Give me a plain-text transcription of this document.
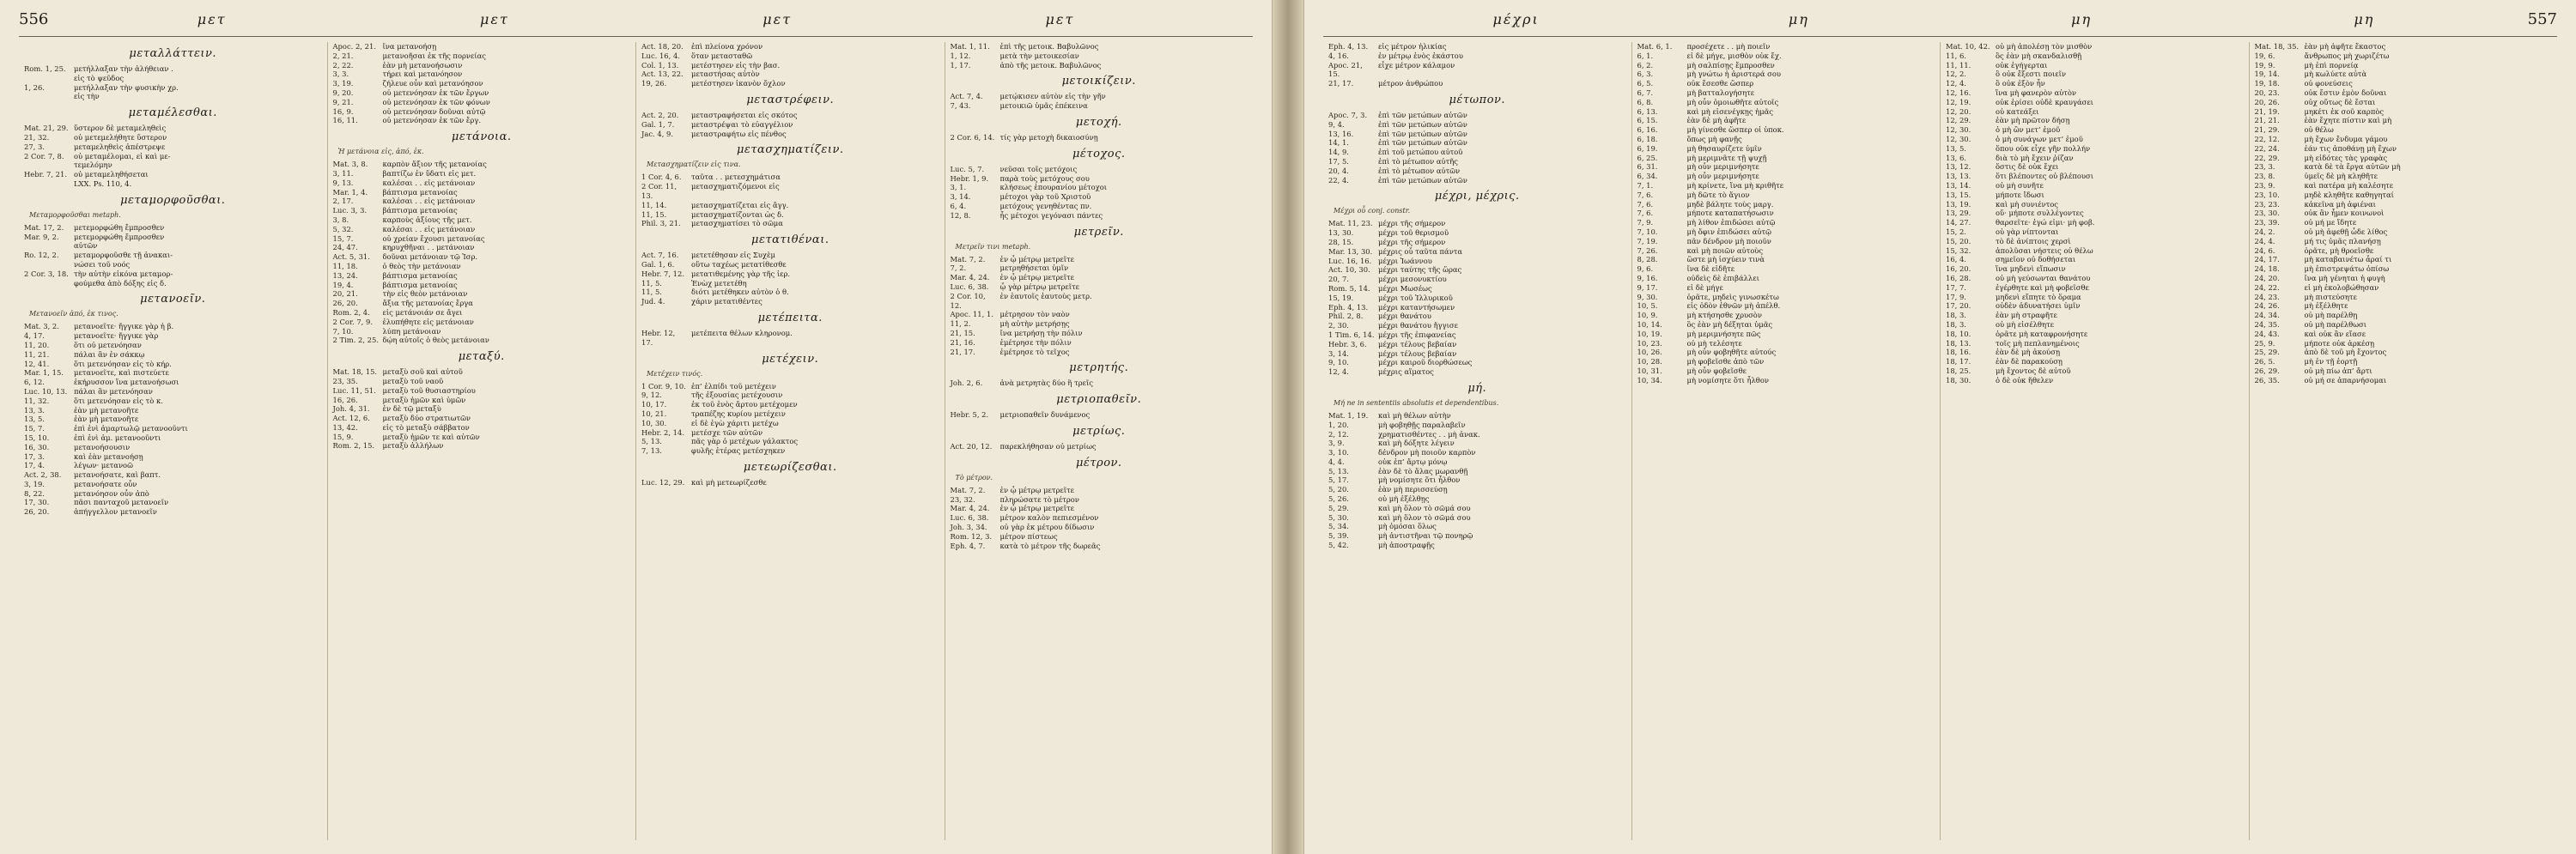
556	μετ	μετ	μετ	μετ
μεταλλάττειν.
Rom. 1, 25.	μετήλλαξαν τὴν ἀλήθειαν .
εἰς τὸ ψεῦδος
1, 26.	μετήλλαξαν τὴν φυσικὴν χρ.
εἰς τὴν
μεταμέλεσθαι.
Mat. 21, 29. ὕστερον δὲ μεταμεληθεὶς
21, 32.	οὐ μετεμελήθητε ὕστερον
27, 3.	μεταμεληθεὶς ἀπέστρεψε
2 Cor. 7, 8.	οὐ μεταμέλομαι, εἰ καὶ με-
τεμελόμην
Hebr. 7, 21. οὐ μεταμεληθήσεται
LXX. Ps. 110, 4.
μεταμορφοῦσθαι.
Μεταμορφοῦσθαι metaph.
Mat. 17, 2.	μετεμορφώθη ἔμπροσθεν
Mar. 9, 2.	μετεμορφώθη ἔμπροσθεν
αὐτῶν
Ro. 12, 2.	μεταμορφοῦσθε τῇ ἀνακαι-
νώσει τοῦ νοός
2 Cor. 3, 18. τὴν αὐτὴν εἰκόνα μεταμορ-
φούμεθα ἀπὸ δόξης εἰς δ.
μετανοεῖν.
Μετανοεῖν ἀπό, ἐκ τινος.
Mat. 3, 2.	μετανοεῖτε· ἤγγικε γὰρ ἡ β.
4, 17.	μετανοεῖτε· ἤγγικε γὰρ
11, 20.	ὅτι οὐ μετενόησαν
11, 21.	πάλαι ἂν ἐν σάκκῳ
12, 41.	ὅτι μετενόησαν εἰς τὸ κήρ.
Mar. 1, 15.	μετανοεῖτε, καὶ πιστεύετε
6, 12.	ἐκήρυσσον ἵνα μετανοήσωσι
Luc. 10, 13. πάλαι ἂν μετενόησαν
11, 32.	ὅτι μετενόησαν εἰς τὸ κ.
13, 3.	ἐὰν μὴ μετανοῆτε
13, 5.	ἐὰν μὴ μετανοῆτε
15, 7.	ἐπὶ ἑνὶ ἁμαρτωλῷ μετανοοῦντι
15, 10.	ἐπὶ ἑνὶ ἁμ. μετανοοῦντι
16, 30.	μετανοήσουσιν
17, 3.	καὶ ἐὰν μετανοήσῃ
17, 4.	λέγων· μετανοῶ
Act. 2, 38.	μετανοήσατε, καὶ βαπτ.
3, 19.	μετανοήσατε οὖν
8, 22.	μετανόησον οὖν ἀπὸ
17, 30.	πᾶσι πανταχοῦ μετανοεῖν
26, 20.	ἀπήγγελλον μετανοεῖν
Apoc. 2, 21. ἵνα μετανοήσῃ
2, 21.	μετανοῆσαι ἐκ τῆς πορνείας
2, 22.	ἐὰν μὴ μετανοήσωσιν
3, 3.	τήρει καὶ μετανόησον
3, 19.	ζήλευε οὖν καὶ μετανόησον
9, 20.	οὐ μετενόησαν ἐκ τῶν ἔργων
9, 21.	οὐ μετενόησαν ἐκ τῶν φόνων
16, 9.	οὐ μετενόησαν δοῦναι αὐτῷ
16, 11.	οὐ μετενόησαν ἐκ τῶν ἔργ.
μετάνοια.
Ἡ μετάνοια εἰς, ἀπό, ἐκ.
Mat. 3, 8.	καρπὸν ἄξιον τῆς μετανοίας
3, 11.	βαπτίζω ἐν ὕδατι εἰς μετ.
9, 13.	καλέσαι . . εἰς μετάνοιαν
Mar. 1, 4.	βάπτισμα μετανοίας
2, 17.	καλέσαι . . εἰς μετάνοιαν
Luc. 3, 3.	βάπτισμα μετανοίας
3, 8.	καρποὺς ἀξίους τῆς μετ.
5, 32.	καλέσαι . . εἰς μετάνοιαν
15, 7.	οὐ χρείαν ἔχουσι μετανοίας
24, 47.	κηρυχθῆναι . . μετάνοιαν
Act. 5, 31.	δοῦναι μετάνοιαν τῷ Ἰσρ.
11, 18.	ὁ θεὸς τὴν μετάνοιαν
13, 24.	βάπτισμα μετανοίας
19, 4.	βάπτισμα μετανοίας
20, 21.	τὴν εἰς θεὸν μετάνοιαν
26, 20.	ἄξια τῆς μετανοίας ἔργα
Rom. 2, 4.	εἰς μετάνοιάν σε ἄγει
2 Cor. 7, 9.	ἐλυπήθητε εἰς μετάνοιαν
7, 10.	λύπη μετάνοιαν
2 Tim. 2, 25. δῴη αὐτοῖς ὁ θεὸς μετάνοιαν
μεταξύ.
Mat. 18, 15. μεταξὺ σοῦ καὶ αὐτοῦ
23, 35.	μεταξὺ τοῦ ναοῦ
Luc. 11, 51. μεταξὺ τοῦ θυσιαστηρίου
16, 26.	μεταξὺ ἡμῶν καὶ ὑμῶν
Joh. 4, 31.	ἐν δὲ τῷ μεταξὺ
Act. 12, 6.	μεταξὺ δύο στρατιωτῶν
13, 42.	εἰς τὸ μεταξὺ σάββατον
15, 9.	μεταξὺ ἡμῶν τε καὶ αὐτῶν
Rom. 2, 15.	μεταξὺ ἀλλήλων
Act. 18, 20.	ἐπὶ πλείονα χρόνον
Luc. 16, 4.	ὅταν μετασταθῶ
Col. 1, 13.	μετέστησεν εἰς τὴν βασ.
Act. 13, 22.	μεταστήσας αὐτὸν
19, 26.	μετέστησεν ἱκανὸν ὄχλον
μεταστρέφειν.
Act. 2, 20.	μεταστραφήσεται εἰς σκότος
Gal. 1, 7.	μεταστρέψαι τὸ εὐαγγέλιον
Jac. 4, 9.	μεταστραφήτω εἰς πένθος
μετασχηματίζειν.
Μετασχηματίζειν εἰς τινα.
1 Cor. 4, 6.	ταῦτα . . μετεσχημάτισα
2 Cor. 11, 13.
μετασχηματιζόμενοι εἰς
11, 14.	μετασχηματίζεται εἰς ἄγγ.
11, 15.	μετασχηματίζονται ὡς δ.
Phil. 3, 21.	μετασχηματίσει τὸ σῶμα
μετατιθέναι.
Act. 7, 16.	μετετέθησαν εἰς Συχὲμ
Gal. 1, 6.	οὕτω ταχέως μετατίθεσθε
Hebr. 7, 12. μετατιθεμένης γὰρ τῆς ἱερ.
11, 5.	Ἐνὼχ μετετέθη
11, 5.	διότι μετέθηκεν αὐτὸν ὁ θ.
Jud. 4.	χάριν μετατιθέντες
μετέπειτα.
Hebr. 12, 17.
μετέπειτα θέλων κληρονομ.
μετέχειν.
Μετέχειν τινός.
1 Cor. 9, 10. ἐπ’ ἐλπίδι τοῦ μετέχειν
9, 12.	τῆς ἐξουσίας μετέχουσιν
10, 17.	ἐκ τοῦ ἑνὸς ἄρτου μετέχομεν
10, 21.	τραπέζης κυρίου μετέχειν
10, 30.	εἰ δὲ ἐγὼ χάριτι μετέχω
Hebr. 2, 14. μετέσχε τῶν αὐτῶν
5, 13.	πᾶς γὰρ ὁ μετέχων γάλακτος
7, 13.	φυλῆς ἑτέρας μετέσχηκεν
μετεωρίζεσθαι.
Luc. 12, 29. καὶ μὴ μετεωρίζεσθε
Mat. 1, 11.	ἐπὶ τῆς μετοικ. Βαβυλῶνος
1, 12.	μετὰ τὴν μετοικεσίαν
1, 17.	ἀπὸ τῆς μετοικ. Βαβυλῶνος
μετοικίζειν.
Act. 7, 4.	μετῴκισεν αὐτὸν εἰς τὴν γῆν
7, 43.	μετοικιῶ ὑμᾶς ἐπέκεινα
μετοχή.
2 Cor. 6, 14. τίς γὰρ μετοχὴ δικαιοσύνῃ
μέτοχος.
Luc. 5, 7.	νεῦσαι τοῖς μετόχοις
Hebr. 1, 9.	παρὰ τοὺς μετόχους σου
3, 1.	κλήσεως ἐπουρανίου μέτοχοι
3, 14.	μέτοχοι γὰρ τοῦ Χριστοῦ
6, 4.	μετόχους γενηθέντας πν.
12, 8.	ἧς μέτοχοι γεγόνασι πάντες
μετρεῖν.
Μετρεῖν τινι metaph.
Mat. 7, 2.	ἐν ᾧ μέτρῳ μετρεῖτε
7, 2.	μετρηθήσεται ὑμῖν
Mar. 4, 24.	ἐν ᾧ μέτρῳ μετρεῖτε
Luc. 6, 38.	ᾧ γὰρ μέτρῳ μετρεῖτε
2 Cor. 10, 12.
ἐν ἑαυτοῖς ἑαυτοὺς μετρ.
Apoc. 11, 1. μέτρησον τὸν ναὸν
11, 2.	μὴ αὐτὴν μετρήσῃς
21, 15.	ἵνα μετρήσῃ τὴν πόλιν
21, 16.	ἐμέτρησε τὴν πόλιν
21, 17.	ἐμέτρησε τὸ τεῖχος
μετρητής.
Joh. 2, 6.	ἀνὰ μετρητὰς δύο ἢ τρεῖς
μετριοπαθεῖν.
Hebr. 5, 2.	μετριοπαθεῖν δυνάμενος
μετρίως.
Act. 20, 12.	παρεκλήθησαν οὐ μετρίως
μέτρον.
Τὸ μέτρον.
Mat. 7, 2.	ἐν ᾧ μέτρῳ μετρεῖτε
23, 32.	πληρώσατε τὸ μέτρον
Mar. 4, 24.	ἐν ᾧ μέτρῳ μετρεῖτε
Luc. 6, 38.	μέτρον καλὸν πεπιεσμένον
Joh. 3, 34.	οὐ γὰρ ἐκ μέτρου δίδωσιν
Rom. 12, 3.	μέτρον πίστεως
Eph. 4, 7.	κατὰ τὸ μέτρον τῆς δωρεᾶς
μέχρι	μη	μη	μη	557
Eph. 4, 13.	εἰς μέτρον ἡλικίας
4, 16.	ἐν μέτρῳ ἑνὸς ἑκάστου
Apoc. 21, 15.
εἶχε μέτρον κάλαμον
21, 17.	μέτρον ἀνθρώπου
μέτωπον.
Apoc. 7, 3.	ἐπὶ τῶν μετώπων αὐτῶν
9, 4.	ἐπὶ τῶν μετώπων αὐτῶν
13, 16.	ἐπὶ τῶν μετώπων αὐτῶν
14, 1.	ἐπὶ τῶν μετώπων αὐτῶν
14, 9.	ἐπὶ τοῦ μετώπου αὐτοῦ
17, 5.	ἐπὶ τὸ μέτωπον αὐτῆς
20, 4.	ἐπὶ τὸ μέτωπον αὐτῶν
22, 4.	ἐπὶ τῶν μετώπων αὐτῶν
μέχρι, μέχρις.
Μέχρι οὗ conj. constr.
Mat. 11, 23. μέχρι τῆς σήμερον
13, 30.	μέχρι τοῦ θερισμοῦ
28, 15.	μέχρι τῆς σήμερον
Mar. 13, 30. μέχρις οὗ ταῦτα πάντα
Luc. 16, 16. μέχρι Ἰωάννου
Act. 10, 30.	μέχρι ταύτης τῆς ὥρας
20, 7.	μέχρι μεσονυκτίου
Rom. 5, 14.	μέχρι Μωσέως
15, 19.	μέχρι τοῦ Ἰλλυρικοῦ
Eph. 4, 13.	μέχρι καταντήσωμεν
Phil. 2, 8.	μέχρι θανάτου
2, 30.	μέχρι θανάτου ἤγγισε
1 Tim. 6, 14. μέχρι τῆς ἐπιφανείας
Hebr. 3, 6.	μέχρι τέλους βεβαίαν
3, 14.	μέχρι τέλους βεβαίαν
9, 10.	μέχρι καιροῦ διορθώσεως
12, 4.	μέχρις αἵματος
μή.
Μή ne in sententiis absolutis et dependentibus.
Mat. 1, 19.	καὶ μὴ θέλων αὐτὴν
1, 20.	μὴ φοβηθῇς παραλαβεῖν
2, 12.	χρηματισθέντες . . μὴ ἀνακ.
3, 9.	καὶ μὴ δόξητε λέγειν
3, 10.	δένδρον μὴ ποιοῦν καρπὸν
4, 4.	οὐκ ἐπ’ ἄρτῳ μόνῳ
5, 13.	ἐὰν δὲ τὸ ἅλας μωρανθῇ
5, 17.	μὴ νομίσητε ὅτι ἦλθον
5, 20.	ἐὰν μὴ περισσεύσῃ
5, 26.	οὐ μὴ ἐξέλθῃς
5, 29.	καὶ μὴ ὅλον τὸ σῶμά σου
5, 30.	καὶ μὴ ὅλον τὸ σῶμά σου
5, 34.	μὴ ὀμόσαι ὅλως
5, 39.	μὴ ἀντιστῆναι τῷ πονηρῷ
5, 42.	μὴ ἀποστραφῇς
Mat. 6, 1.	προσέχετε . . μὴ ποιεῖν
6, 1.	εἰ δὲ μήγε, μισθὸν οὐκ ἔχ.
6, 2.	μὴ σαλπίσῃς ἔμπροσθεν
6, 3.	μὴ γνώτω ἡ ἀριστερά σου
6, 5.	οὐκ ἔσεσθε ὥσπερ
6, 7.	μὴ βατταλογήσητε
6, 8.	μὴ οὖν ὁμοιωθῆτε αὐτοῖς
6, 13.	καὶ μὴ εἰσενέγκῃς ἡμᾶς
6, 15.	ἐὰν δὲ μὴ ἀφῆτε
6, 16.	μὴ γίνεσθε ὥσπερ οἱ ὑποκ.
6, 18.	ὅπως μὴ φανῇς
6, 19.	μὴ θησαυρίζετε ὑμῖν
6, 25.	μὴ μεριμνᾶτε τῇ ψυχῇ
6, 31.	μὴ οὖν μεριμνήσητε
6, 34.	μὴ οὖν μεριμνήσητε
7, 1.	μὴ κρίνετε, ἵνα μὴ κριθῆτε
7, 6.	μὴ δῶτε τὸ ἅγιον
7, 6.	μηδὲ βάλητε τοὺς μαργ.
7, 6.	μήποτε καταπατήσωσιν
7, 9.	μὴ λίθον ἐπιδώσει αὐτῷ
7, 10.	μὴ ὄφιν ἐπιδώσει αὐτῷ
7, 19.	πᾶν δένδρον μὴ ποιοῦν
7, 26.	καὶ μὴ ποιῶν αὐτοὺς
8, 28.	ὥστε μὴ ἰσχύειν τινὰ
9, 6.	ἵνα δὲ εἰδῆτε
9, 16.	οὐδεὶς δὲ ἐπιβάλλει
9, 17.	εἰ δὲ μήγε
9, 30.	ὁρᾶτε, μηδεὶς γινωσκέτω
10, 5.	εἰς ὁδὸν ἐθνῶν μὴ ἀπέλθ.
10, 9.	μὴ κτήσησθε χρυσὸν
10, 14.	ὃς ἐὰν μὴ δέξηται ὑμᾶς
10, 19.	μὴ μεριμνήσητε πῶς
10, 23.	οὐ μὴ τελέσητε
10, 26.	μὴ οὖν φοβηθῆτε αὐτούς
10, 28.	μὴ φοβεῖσθε ἀπὸ τῶν
10, 31.	μὴ οὖν φοβεῖσθε
10, 34.	μὴ νομίσητε ὅτι ἦλθον
Mat. 10, 42. οὐ μὴ ἀπολέσῃ τὸν μισθὸν
11, 6.	ὃς ἐὰν μὴ σκανδαλισθῇ
11, 11.	οὐκ ἐγήγερται
12, 2.	ὃ οὐκ ἔξεστι ποιεῖν
12, 4.	ὃ οὐκ ἐξὸν ἦν
12, 16.	ἵνα μὴ φανερὸν αὐτὸν
12, 19.	οὐκ ἐρίσει οὐδὲ κραυγάσει
12, 20.	οὐ κατεάξει
12, 29.	ἐὰν μὴ πρῶτον δήσῃ
12, 30.	ὁ μὴ ὢν μετ’ ἐμοῦ
12, 30.	ὁ μὴ συνάγων μετ’ ἐμοῦ
13, 5.	ὅπου οὐκ εἶχε γῆν πολλήν
13, 6.	διὰ τὸ μὴ ἔχειν ῥίζαν
13, 12.	ὅστις δὲ οὐκ ἔχει
13, 13.	ὅτι βλέποντες οὐ βλέπουσι
13, 14.	οὐ μὴ συνῆτε
13, 15.	μήποτε ἴδωσι
13, 19.	καὶ μὴ συνιέντος
13, 29.	οὔ· μήποτε συλλέγοντες
14, 27.	θαρσεῖτε· ἐγώ εἰμι· μὴ φοβ.
15, 2.	οὐ γὰρ νίπτονται
15, 20.	τὸ δὲ ἀνίπτοις χερσὶ
15, 32.	ἀπολῦσαι νήστεις οὐ θέλω
16, 4.	σημεῖον οὐ δοθήσεται
16, 20.	ἵνα μηδενὶ εἴπωσιν
16, 28.	οὐ μὴ γεύσωνται θανάτου
17, 7.	ἐγέρθητε καὶ μὴ φοβεῖσθε
17, 9.	μηδενὶ εἴπητε τὸ ὅραμα
17, 20.	οὐδὲν ἀδυνατήσει ὑμῖν
18, 3.	ἐὰν μὴ στραφῆτε
18, 3.	οὐ μὴ εἰσέλθητε
18, 10.	ὁρᾶτε μὴ καταφρονήσητε
18, 13.	τοῖς μὴ πεπλανημένοις
18, 16.	ἐὰν δὲ μὴ ἀκούσῃ
18, 17.	ἐὰν δὲ παρακούσῃ
18, 25.	μὴ ἔχοντος δὲ αὐτοῦ
18, 30.	ὁ δὲ οὐκ ἤθελεν
Mat. 18, 35. ἐὰν μὴ ἀφῆτε ἕκαστος
19, 6.	ἄνθρωπος μὴ χωριζέτω
19, 9.	μὴ ἐπὶ πορνείᾳ
19, 14.	μὴ κωλύετε αὐτὰ
19, 18.	οὐ φονεύσεις
20, 23.	οὐκ ἔστιν ἐμὸν δοῦναι
20, 26.	οὐχ οὕτως δὲ ἔσται
21, 19.	μηκέτι ἐκ σοῦ καρπὸς
21, 21.	ἐὰν ἔχητε πίστιν καὶ μὴ
21, 29.	οὐ θέλω
22, 12.	μὴ ἔχων ἔνδυμα γάμου
22, 24.	ἐάν τις ἀποθάνῃ μὴ ἔχων
22, 29.	μὴ εἰδότες τὰς γραφὰς
23, 3.	κατὰ δὲ τὰ ἔργα αὐτῶν μὴ
23, 8.	ὑμεῖς δὲ μὴ κληθῆτε
23, 9.	καὶ πατέρα μὴ καλέσητε
23, 10.	μηδὲ κληθῆτε καθηγηταί
23, 23.	κἀκεῖνα μὴ ἀφιέναι
23, 30.	οὐκ ἂν ἦμεν κοινωνοὶ
23, 39.	οὐ μή με ἴδητε
24, 2.	οὐ μὴ ἀφεθῇ ὧδε λίθος
24, 4.	μή τις ὑμᾶς πλανήσῃ
24, 6.	ὁρᾶτε, μὴ θροεῖσθε
24, 17.	μὴ καταβαινέτω ἆραί τι
24, 18.	μὴ ἐπιστρεψάτω ὀπίσω
24, 20.	ἵνα μὴ γένηται ἡ φυγὴ
24, 22.	εἰ μὴ ἐκολοβώθησαν
24, 23.	μὴ πιστεύσητε
24, 26.	μὴ ἐξέλθητε
24, 34.	οὐ μὴ παρέλθῃ
24, 35.	οὐ μὴ παρέλθωσι
24, 43.	καὶ οὐκ ἂν εἴασε
25, 9.	μήποτε οὐκ ἀρκέσῃ
25, 29.	ἀπὸ δὲ τοῦ μὴ ἔχοντος
26, 5.	μὴ ἐν τῇ ἑορτῇ
26, 29.	οὐ μὴ πίω ἀπ’ ἄρτι
26, 35.	οὐ μή σε ἀπαρνήσομαι
